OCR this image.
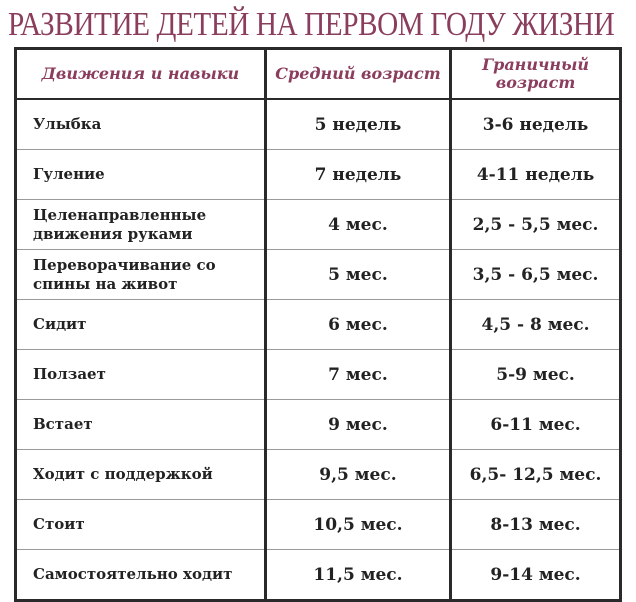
РАЗВИТИЕ ДЕТЕЙ НА ПЕРВОМ ГОДУ ЖИЗНИ
Движения и навыки	Средний возраст	Граничный возраст
Улыбка	5 недель	3-6 недель
Гуление	7 недель	4-11 недель
Целенаправленные движения руками	4 мес.	2,5 - 5,5 мес.
Переворачивание со спины на живот	5 мес.	3,5 - 6,5 мес.
Сидит	6 мес.	4,5 - 8 мес.
Ползает	7 мес.	5-9 мес.
Встает	9 мес.	6-11 мес.
Ходит с поддержкой	9,5 мес.	6,5- 12,5 мес.
Стоит	10,5 мес.	8-13 мес.
Самостоятельно ходит	11,5 мес.	9-14 мес.
